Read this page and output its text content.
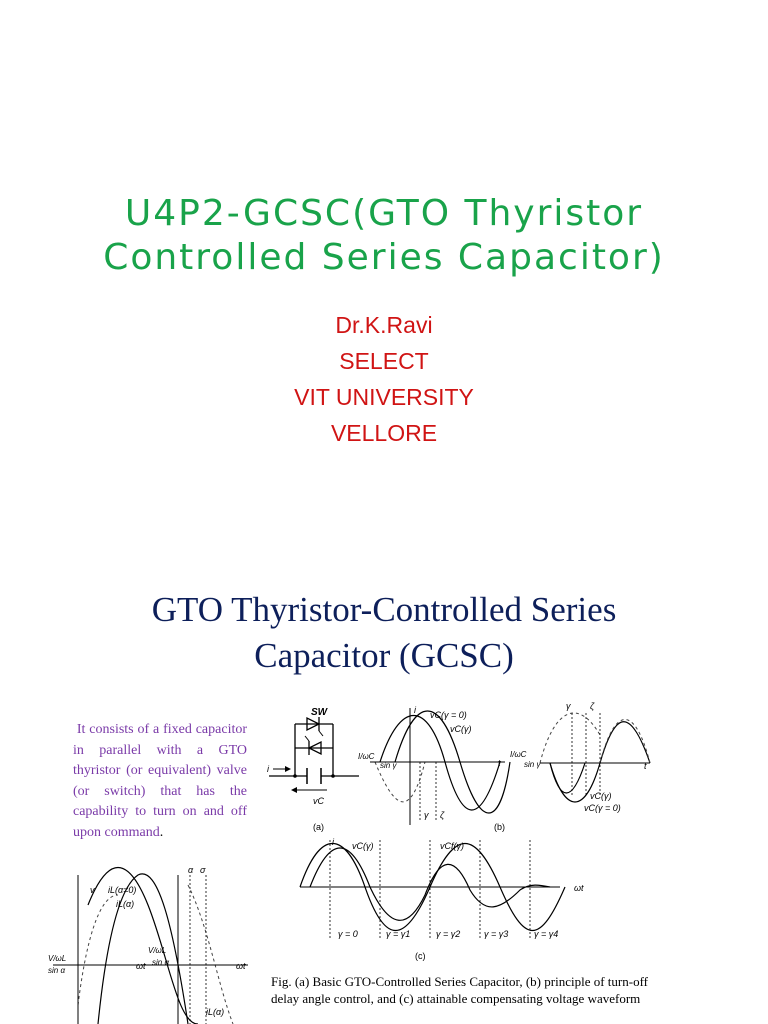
U4P2-GCSC(GTO Thyristor
Controlled Series Capacitor)
Dr.K.Ravi
SELECT
VIT UNIVERSITY
VELLORE
GTO Thyristor-Controlled Series
Capacitor (GCSC)
It consists of a fixed capacitor in parallel with a GTO thyristor (or equivalent) valve (or switch) that has the capability to turn on and off upon command.
SW
i
vC
(a)
i vC(γ = 0)
vC(γ)
t
I/ωC
sin γ
γ ζ
(b)
γ ζ
t
I/ωC
sin γ
vC(γ)
vC(γ = 0)
i vC(γ)	vCf(γ)
ωt
γ = 0	γ = γ1	γ = γ2	γ = γ3	γ = γ4
(c)
v iL(α=0)
iL(α)
V/ωL
sin α
V/ωL
sin α
α σ
ωt	ωt
iL(α)
Fig. (a) Basic GTO-Controlled Series Capacitor, (b) principle of turn-off delay angle control, and (c) attainable compensating voltage waveform
